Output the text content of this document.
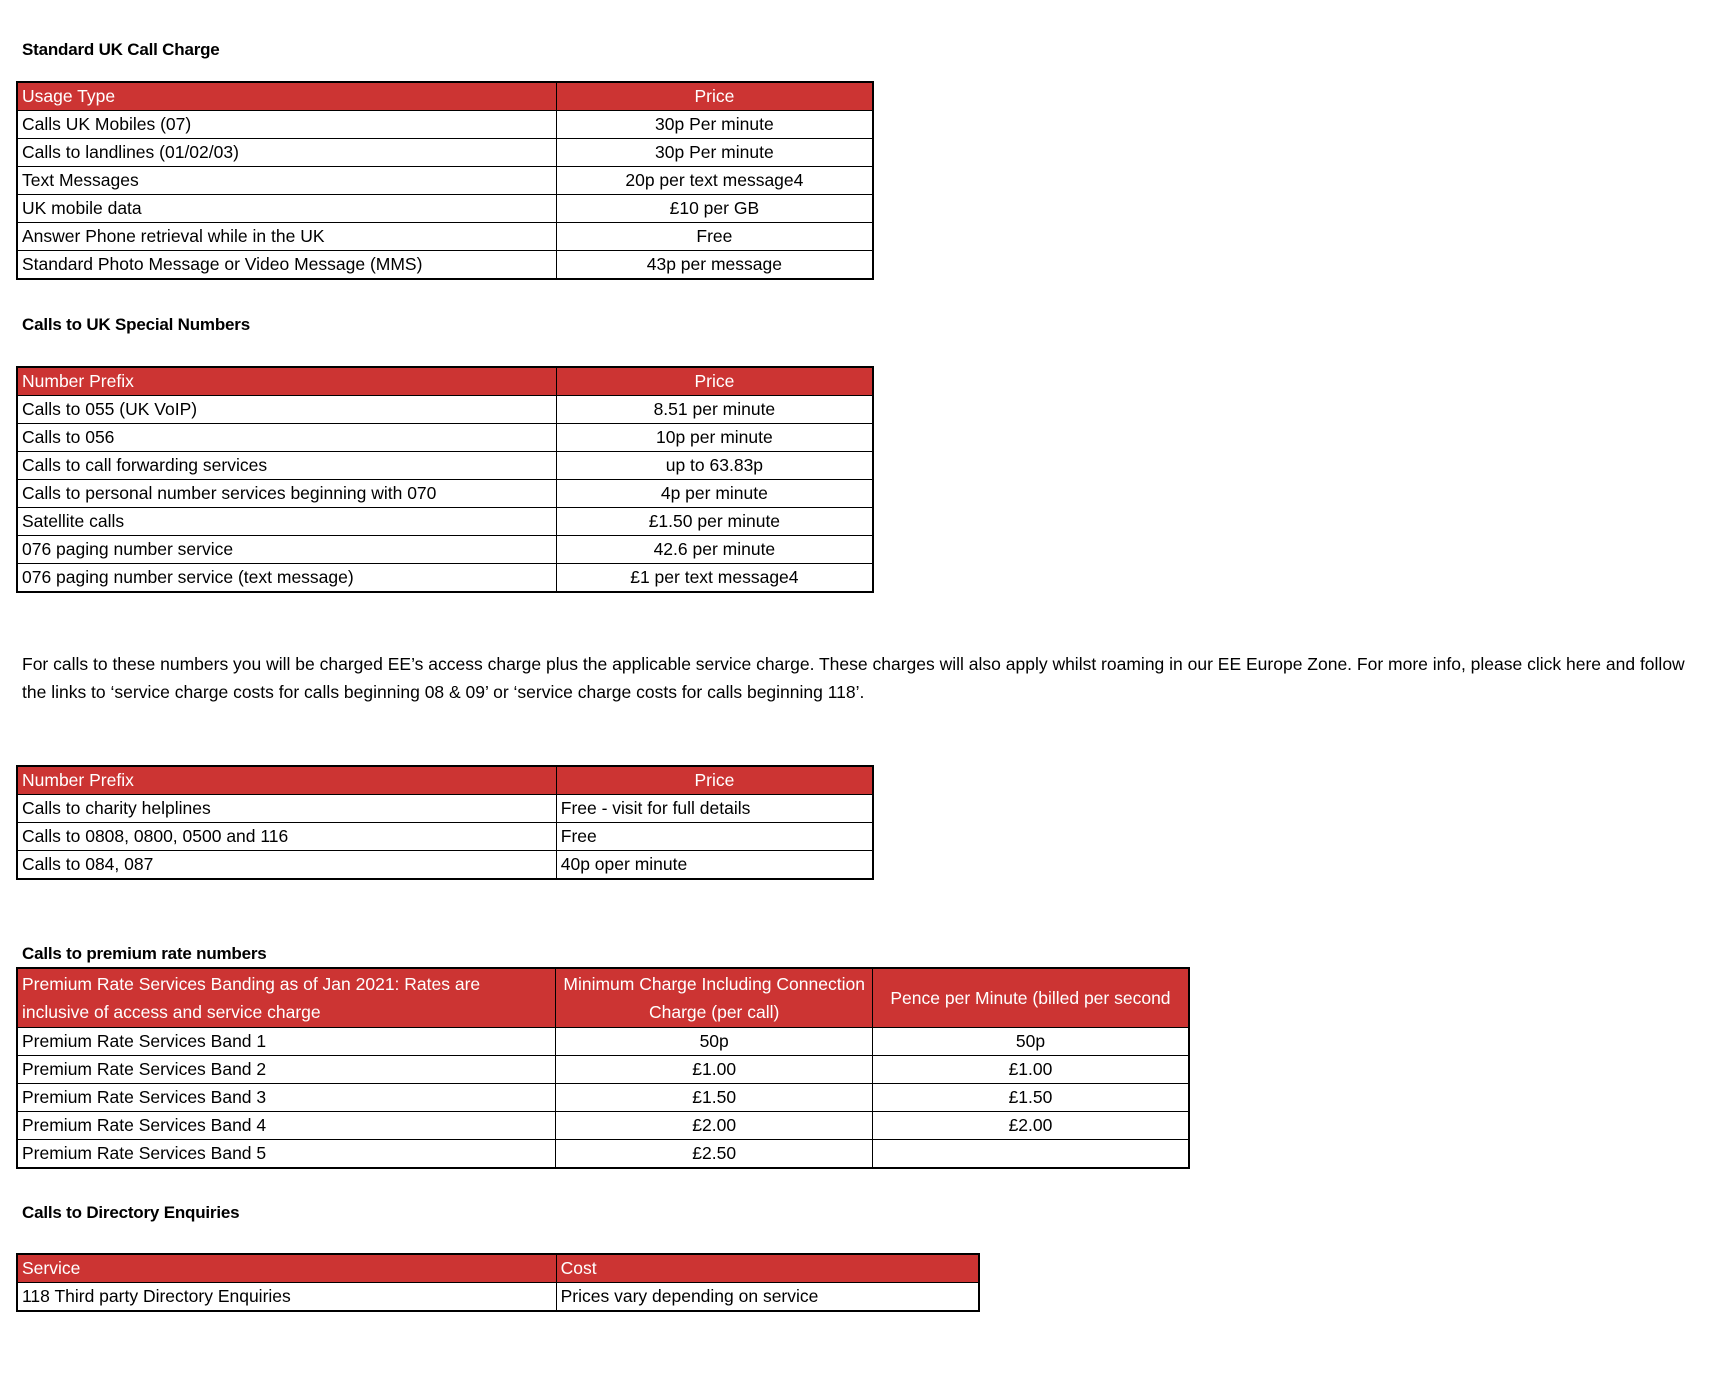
Standard UK Call Charge
Usage Type	Price
Calls UK Mobiles (07)	30p Per minute
Calls to landlines (01/02/03)	30p Per minute
Text Messages	20p per text message4
UK mobile data	£10 per GB
Answer Phone retrieval while in the UK	Free
Standard Photo Message or Video Message (MMS)	43p per message
Calls to UK Special Numbers
Number Prefix	Price
Calls to 055 (UK VoIP)	8.51 per minute
Calls to 056	10p per minute
Calls to call forwarding services	up to 63.83p
Calls to personal number services beginning with 070	4p per minute
Satellite calls	£1.50 per minute
076 paging number service	42.6 per minute
076 paging number service (text message)	£1 per text message4
For calls to these numbers you will be charged EE’s access charge plus the applicable service charge. These charges will also apply whilst roaming in our EE Europe Zone. For more info, please click here and follow the links to ‘service charge costs for calls beginning 08 & 09’ or ‘service charge costs for calls beginning 118’.
Number Prefix	Price
Calls to charity helplines	Free - visit for full details
Calls to 0808, 0800, 0500 and 116	Free
Calls to 084, 087	40p oper minute
Calls to premium rate numbers
Premium Rate Services Banding as of Jan 2021: Rates are inclusive of access and service charge	Minimum Charge Including Connection Charge (per call)	Pence per Minute (billed per second
Premium Rate Services Band 1	50p	50p
Premium Rate Services Band 2	£1.00	£1.00
Premium Rate Services Band 3	£1.50	£1.50
Premium Rate Services Band 4	£2.00	£2.00
Premium Rate Services Band 5	£2.50	
Calls to Directory Enquiries
Service	Cost
118 Third party Directory Enquiries	Prices vary depending on service
